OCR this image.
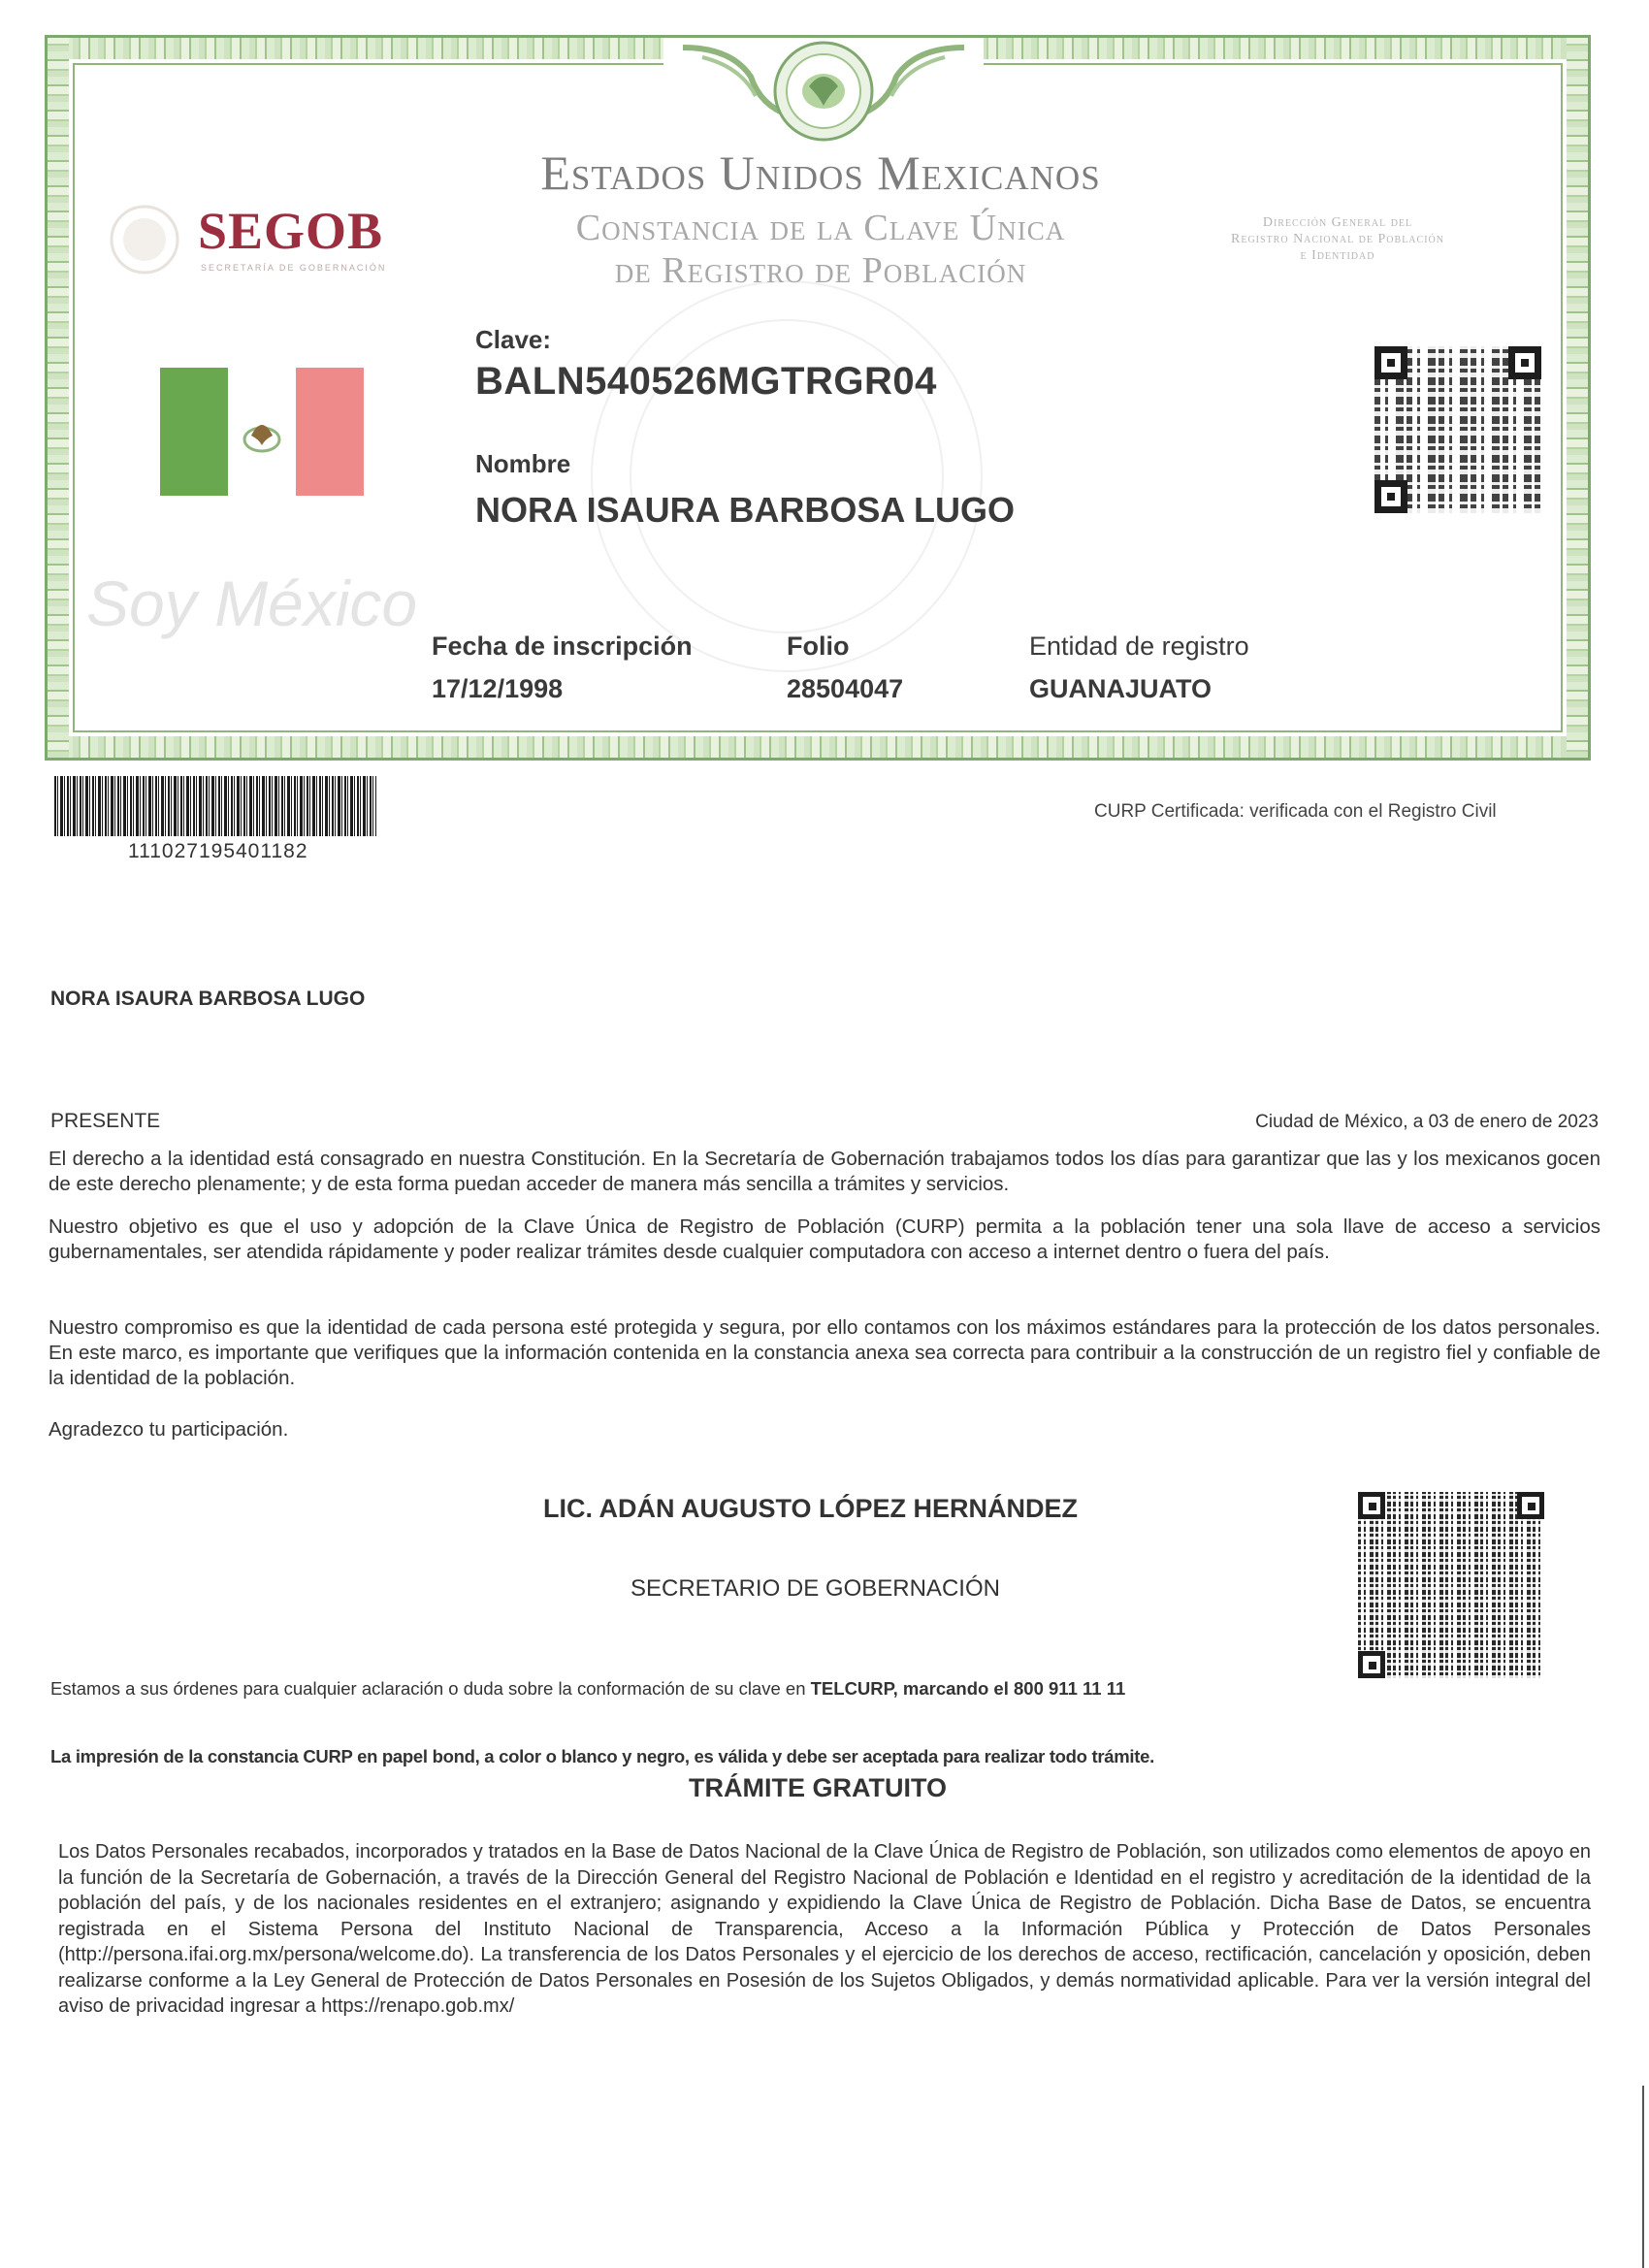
Estados Unidos Mexicanos
Constancia de la Clave Única
de Registro de Población
SEGOB
SECRETARÍA DE GOBERNACIÓN
Dirección General del
Registro Nacional de Población
e Identidad
Soy México
Clave:
BALN540526MGTRGR04
Nombre
NORA ISAURA BARBOSA LUGO
Fecha de inscripción
17/12/1998
Folio
28504047
Entidad de registro
GUANAJUATO
111027195401182
CURP Certificada: verificada con el Registro Civil
NORA ISAURA BARBOSA LUGO
PRESENTE	Ciudad de México, a 03 de enero de 2023
El derecho a la identidad está consagrado en nuestra Constitución. En la Secretaría de Gobernación trabajamos todos los días para garantizar que las y los mexicanos gocen de este derecho plenamente; y de esta forma puedan acceder de manera más sencilla a trámites y servicios.
Nuestro objetivo es que el uso y adopción de la Clave Única de Registro de Población (CURP) permita a la población tener una sola llave de acceso a servicios gubernamentales, ser atendida rápidamente y poder realizar trámites desde cualquier computadora con acceso a internet dentro o fuera del país.
Nuestro compromiso es que la identidad de cada persona esté protegida y segura, por ello contamos con los máximos estándares para la protección de los datos personales. En este marco, es importante que verifiques que la información contenida en la constancia anexa sea correcta para contribuir a la construcción de un registro fiel y confiable de la identidad de la población.
Agradezco tu participación.
LIC. ADÁN AUGUSTO LÓPEZ HERNÁNDEZ
SECRETARIO DE GOBERNACIÓN
Estamos a sus órdenes para cualquier aclaración o duda sobre la conformación de su clave en TELCURP, marcando el 800 911 11 11
La impresión de la constancia CURP en papel bond, a color o blanco y negro, es válida y debe ser aceptada para realizar todo trámite.
TRÁMITE GRATUITO
Los Datos Personales recabados, incorporados y tratados en la Base de Datos Nacional de la Clave Única de Registro de Población, son utilizados como elementos de apoyo en la función de la Secretaría de Gobernación, a través de la Dirección General del Registro Nacional de Población e Identidad en el registro y acreditación de la identidad de la población del país, y de los nacionales residentes en el extranjero; asignando y expidiendo la Clave Única de Registro de Población. Dicha Base de Datos, se encuentra registrada en el Sistema Persona del Instituto Nacional de Transparencia, Acceso a la Información Pública y Protección de Datos Personales (http://persona.ifai.org.mx/persona/welcome.do). La transferencia de los Datos Personales y el ejercicio de los derechos de acceso, rectificación, cancelación y oposición, deben realizarse conforme a la Ley General de Protección de Datos Personales en Posesión de los Sujetos Obligados, y demás normatividad aplicable. Para ver la versión integral del aviso de privacidad ingresar a https://renapo.gob.mx/
